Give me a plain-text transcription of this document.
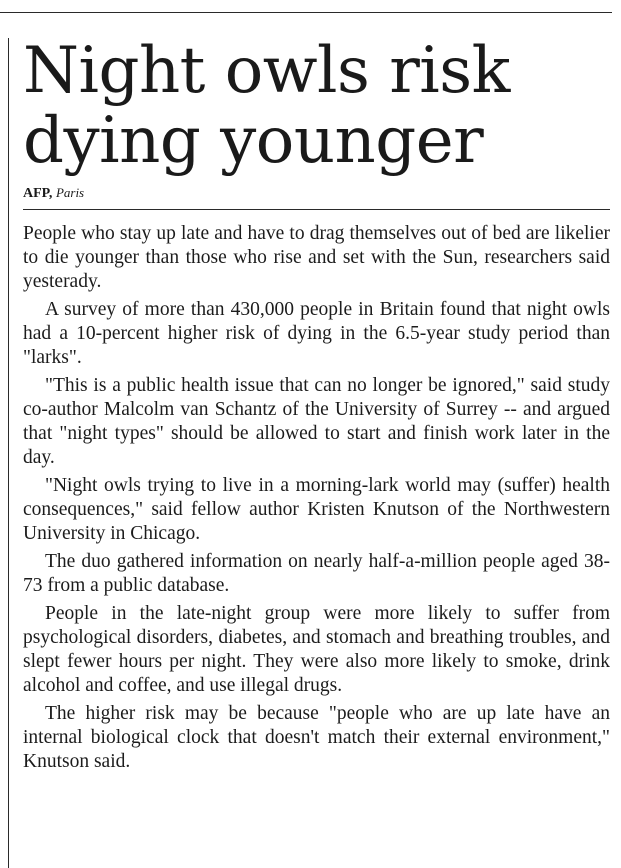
Night owls risk dying younger
AFP, Paris

People who stay up late and have to drag themselves out of bed are likelier to die younger than those who rise and set with the Sun, researchers said yesterady.

A survey of more than 430,000 people in Britain found that night owls had a 10-percent higher risk of dying in the 6.5-year study period than "larks".

"This is a public health issue that can no longer be ignored," said study co-author Malcolm van Schantz of the University of Surrey -- and argued that "night types" should be allowed to start and finish work later in the day.

"Night owls trying to live in a morning-lark world may (suffer) health consequences," said fellow author Kristen Knutson of the Northwestern University in Chicago.

The duo gathered information on nearly half-a-million people aged 38-73 from a public database.

People in the late-night group were more likely to suffer from psychological disorders, diabetes, and stomach and breathing troubles, and slept fewer hours per night. They were also more likely to smoke, drink alcohol and coffee, and use illegal drugs.

The higher risk may be because "people who are up late have an internal biological clock that doesn't match their external environment," Knutson said.
